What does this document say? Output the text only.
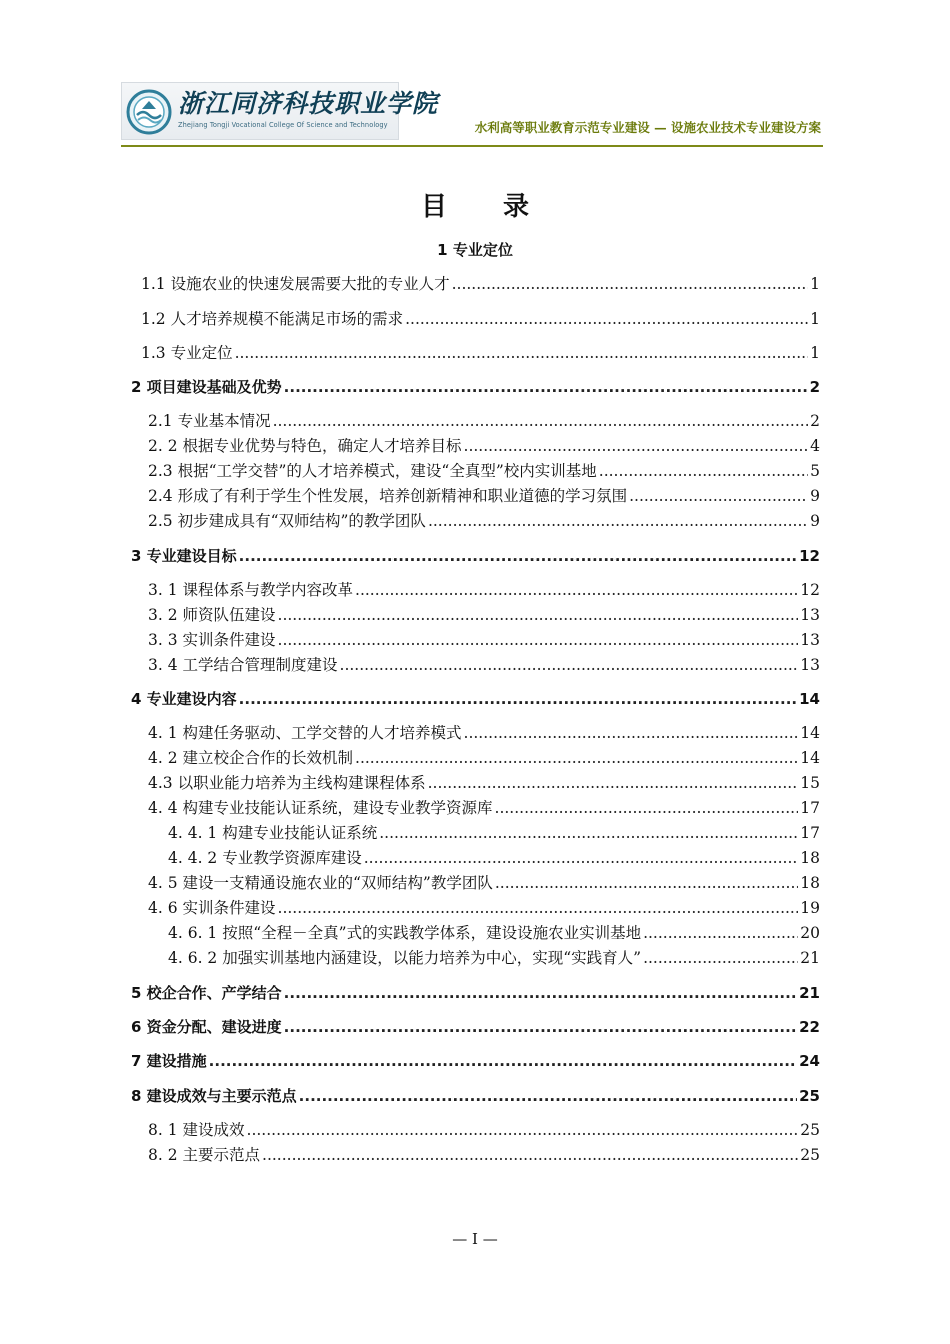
浙江同济科技职业学院
Zhejiang Tongji Vocational College Of Science and Technology	水利高等职业教育示范专业建设 — 设施农业技术专业建设方案
目 录
1 专业定位
1.1 设施农业的快速发展需要大批的专业人才 .....	1
1.2 人才培养规模不能满足市场的需求 .....	1
1.3 专业定位 .....	1
2 项目建设基础及优势 .....	2
2.1 专业基本情况 .....	2
2. 2 根据专业优势与特色，确定人才培养目标 .....	4
2.3 根据“工学交替”的人才培养模式，建设“全真型”校内实训基地 .....	5
2.4 形成了有利于学生个性发展，培养创新精神和职业道德的学习氛围 .....	9
2.5 初步建成具有“双师结构”的教学团队 .....	9
3 专业建设目标 .....	12
3. 1 课程体系与教学内容改革 .....	12
3. 2 师资队伍建设 .....	13
3. 3 实训条件建设 .....	13
3. 4 工学结合管理制度建设 .....	13
4 专业建设内容 .....	14
4. 1 构建任务驱动、工学交替的人才培养模式 .....	14
4. 2 建立校企合作的长效机制 .....	14
4.3 以职业能力培养为主线构建课程体系 .....	15
4. 4 构建专业技能认证系统，建设专业教学资源库 .....	17
4. 4. 1 构建专业技能认证系统 .....	17
4. 4. 2 专业教学资源库建设 .....	18
4. 5 建设一支精通设施农业的“双师结构”教学团队 .....	18
4. 6 实训条件建设 .....	19
4. 6. 1 按照“全程－全真”式的实践教学体系，建设设施农业实训基地 .....	20
4. 6. 2 加强实训基地内涵建设，以能力培养为中心，实现“实践育人” .....	21
5 校企合作、产学结合 .....	21
6 资金分配、建设进度 .....	22
7 建设措施 .....	24
8 建设成效与主要示范点 .....	25
8. 1 建设成效 .....	25
8. 2 主要示范点 .....	25
— I —
